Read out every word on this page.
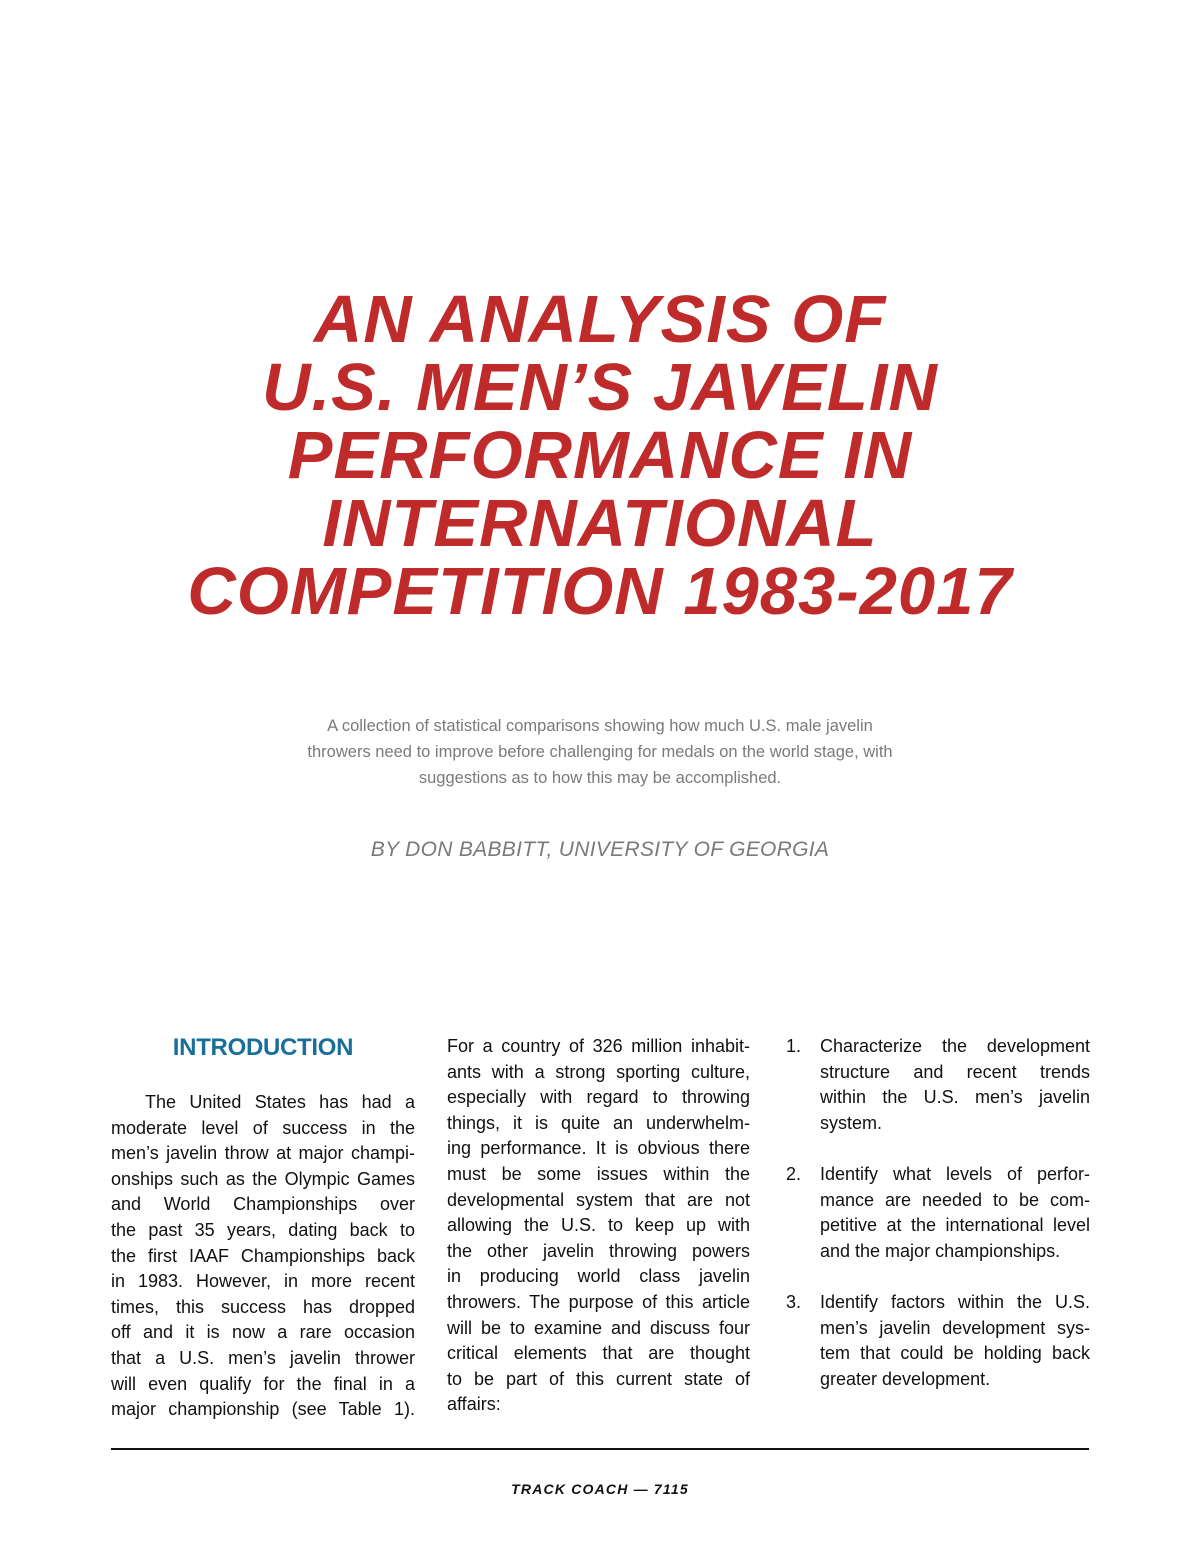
AN ANALYSIS OF
U.S. MEN’S JAVELIN
PERFORMANCE IN
INTERNATIONAL
COMPETITION 1983-2017
A collection of statistical comparisons showing how much U.S. male javelin
throwers need to improve before challenging for medals on the world stage, with
suggestions as to how this may be accomplished.
BY DON BABBITT, UNIVERSITY OF GEORGIA
INTRODUCTION
The United States has had a
moderate level of success in the
men’s javelin throw at major champi-
onships such as the Olympic Games
and World Championships over
the past 35 years, dating back to
the first IAAF Championships back
in 1983. However, in more recent
times, this success has dropped
off and it is now a rare occasion
that a U.S. men’s javelin thrower
will even qualify for the final in a
major championship (see Table 1).
For a country of 326 million inhabit-
ants with a strong sporting culture,
especially with regard to throwing
things, it is quite an underwhelm-
ing performance. It is obvious there
must be some issues within the
developmental system that are not
allowing the U.S. to keep up with
the other javelin throwing powers
in producing world class javelin
throwers. The purpose of this article
will be to examine and discuss four
critical elements that are thought
to be part of this current state of
affairs:
1. Characterize the development
structure and recent trends
within the U.S. men’s javelin
system.
2. Identify what levels of perfor-
mance are needed to be com-
petitive at the international level
and the major championships.
3. Identify factors within the U.S.
men’s javelin development sys-
tem that could be holding back
greater development.
TRACK COACH — 7115
